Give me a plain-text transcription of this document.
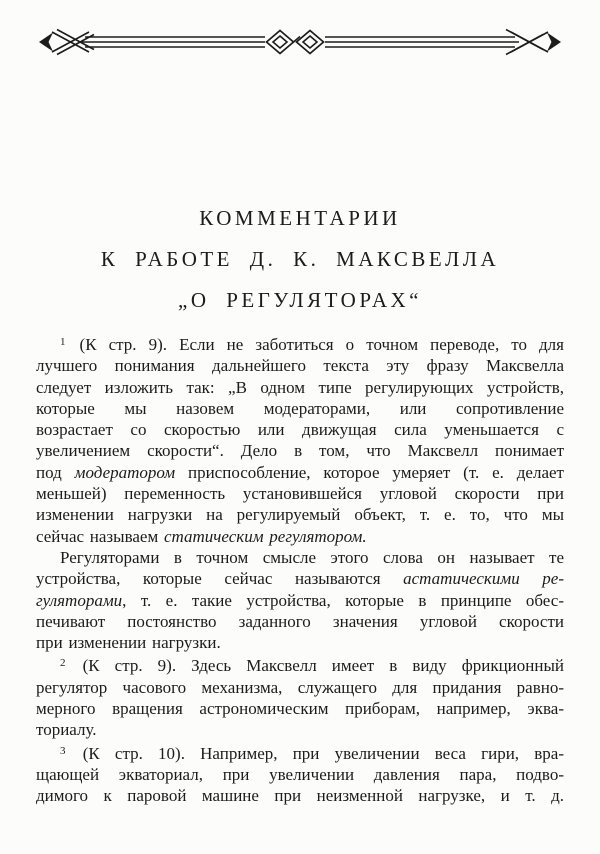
КОММЕНТАРИИ
К РАБОТЕ Д. К. МАКСВЕЛЛА
„О РЕГУЛЯТОРАХ“
$^1$ (К стр. 9). Если не заботиться о точном переводе, то для
лучшего понимания дальнейшего текста эту фразу Максвелла
следует изложить так: „В одном типе регулирующих устройств,
которые мы назовем модераторами, или сопротивление
возрастает со скоростью или движущая сила уменьшается с
увеличением скорости“. Дело в том, что Максвелл понимает
под модератором приспособление, которое умеряет (т. е. делает
меньшей) переменность установившейся угловой скорости при
изменении нагрузки на регулируемый объект, т. е. то, что мы
сейчас называем статическим регулятором.
Регуляторами в точном смысле этого слова он называет те
устройства, которые сейчас называются астатическими ре-
гуляторами, т. е. такие устройства, которые в принципе обес-
печивают постоянство заданного значения угловой скорости
при изменении нагрузки.
$^2$ (К стр. 9). Здесь Максвелл имеет в виду фрикционный
регулятор часового механизма, служащего для придания равно-
мерного вращения астрономическим приборам, например, эква-
ториалу.
$^3$ (К стр. 10). Например, при увеличении веса гири, вра-
щающей экваториал, при увеличении давления пара, подво-
димого к паровой машине при неизменной нагрузке, и т. д.
